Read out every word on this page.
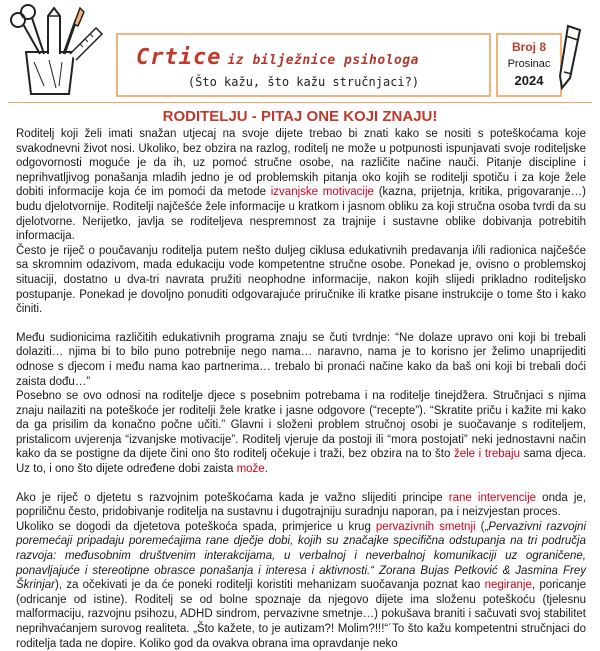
Crtice iz bilježnice psihologa
(Što kažu, što kažu stručnjaci?)
Broj 8
Prosinac
2024
RODITELJU - PITAJ ONE KOJI ZNAJU!

Roditelj koji želi imati snažan utjecaj na svoje dijete trebao bi znati kako se nositi s poteškoćama koje svakodnevni život nosi. Ukoliko, bez obzira na razlog, roditelj ne može u potpunosti ispunjavati svoje roditeljske odgovornosti moguće je da ih, uz pomoć stručne osobe, na različite načine nauči. Pitanje discipline i neprihvatljivog ponašanja mladih jedno je od problemskih pitanja oko kojih se roditelji spotiču i za koje žele dobiti informacije koja će im pomoći da metode izvanjske motivacije (kazna, prijetnja, kritika, prigovaranje…) budu djelotvornije. Roditelji najčešće žele informacije u kratkom i jasnom obliku za koji stručna osoba tvrdi da su djelotvorne. Nerijetko, javlja se roditeljeva nespremnost za trajnije i sustavne oblike dobivanja potrebitih informacija.

Često je riječ o poučavanju roditelja putem nešto duljeg ciklusa edukativnih predavanja i/ili radionica najčešće sa skromnim odazivom, mada edukaciju vode kompetentne stručne osobe. Ponekad je, ovisno o problemskoj situaciji, dostatno u dva-tri navrata pružiti neophodne informacije, nakon kojih slijedi prikladno roditeljsko postupanje. Ponekad je dovoljno ponuditi odgovarajuće priručnike ili kratke pisane instrukcije o tome što i kako činiti.

Među sudionicima različitih edukativnih programa znaju se čuti tvrdnje: “Ne dolaze upravo oni koji bi trebali dolaziti… njima bi to bilo puno potrebnije nego nama… naravno, nama je to korisno jer želimo unaprijediti odnose s djecom i među nama kao partnerima… trebalo bi pronaći načine kako da baš oni koji bi trebali doći zaista dođu…”

Posebno se ovo odnosi na roditelje djece s posebnim potrebama i na roditelje tinejdžera. Stručnjaci s njima znaju nailaziti na poteškoće jer roditelji žele kratke i jasne odgovore (“recepte”). “Skratite priču i kažite mi kako da ga prisilim da konačno počne učiti.” Glavni i složeni problem stručnoj osobi je suočavanje s roditeljem, pristalicom uvjerenja “izvanjske motivacije”. Roditelj vjeruje da postoji ili “mora postojati” neki jednostavni način kako da se postigne da dijete čini ono što roditelj očekuje i traži, bez obzira na to što žele i trebaju sama djeca. Uz to, i ono što dijete određene dobi zaista može.

Ako je riječ o djetetu s razvojnim poteškoćama kada je važno slijediti principe rane intervencije onda je, popriličnu često, pridobivanje roditelja na sustavnu i dugotrajniju suradnju naporan, pa i neizvjestan proces.

Ukoliko se dogodi da djetetova poteškoća spada, primjerice u krug pervazivnih smetnji („Pervazivni razvojni poremećaji pripadaju poremećajima rane dječje dobi, kojih su značajke specifična odstupanja na tri područja razvoja: međusobnim društvenim interakcijama, u verbalnoj i neverbalnoj komunikaciji uz ograničene, ponavljajuće i stereotipne obrasce ponašanja i interesa i aktivnosti.“ Zorana Bujas Petković & Jasmina Frey Škrinjar), za očekivati je da će poneki roditelji koristiti mehanizam suočavanja poznat kao negiranje, poricanje (odricanje od istine). Roditelj se od bolne spoznaje da njegovo dijete ima složenu poteškoću (tjelesnu malformaciju, razvojnu psihozu, ADHD sindrom, pervazivne smetnje…) pokušava braniti i sačuvati svoj stabilitet neprihvaćanjem surovog realiteta. „Što kažete, to je autizam?! Molim?!!!“´To što kažu kompetentni stručnjaci do roditelja tada ne dopire. Koliko god da ovakva obrana ima opravdanje neko
